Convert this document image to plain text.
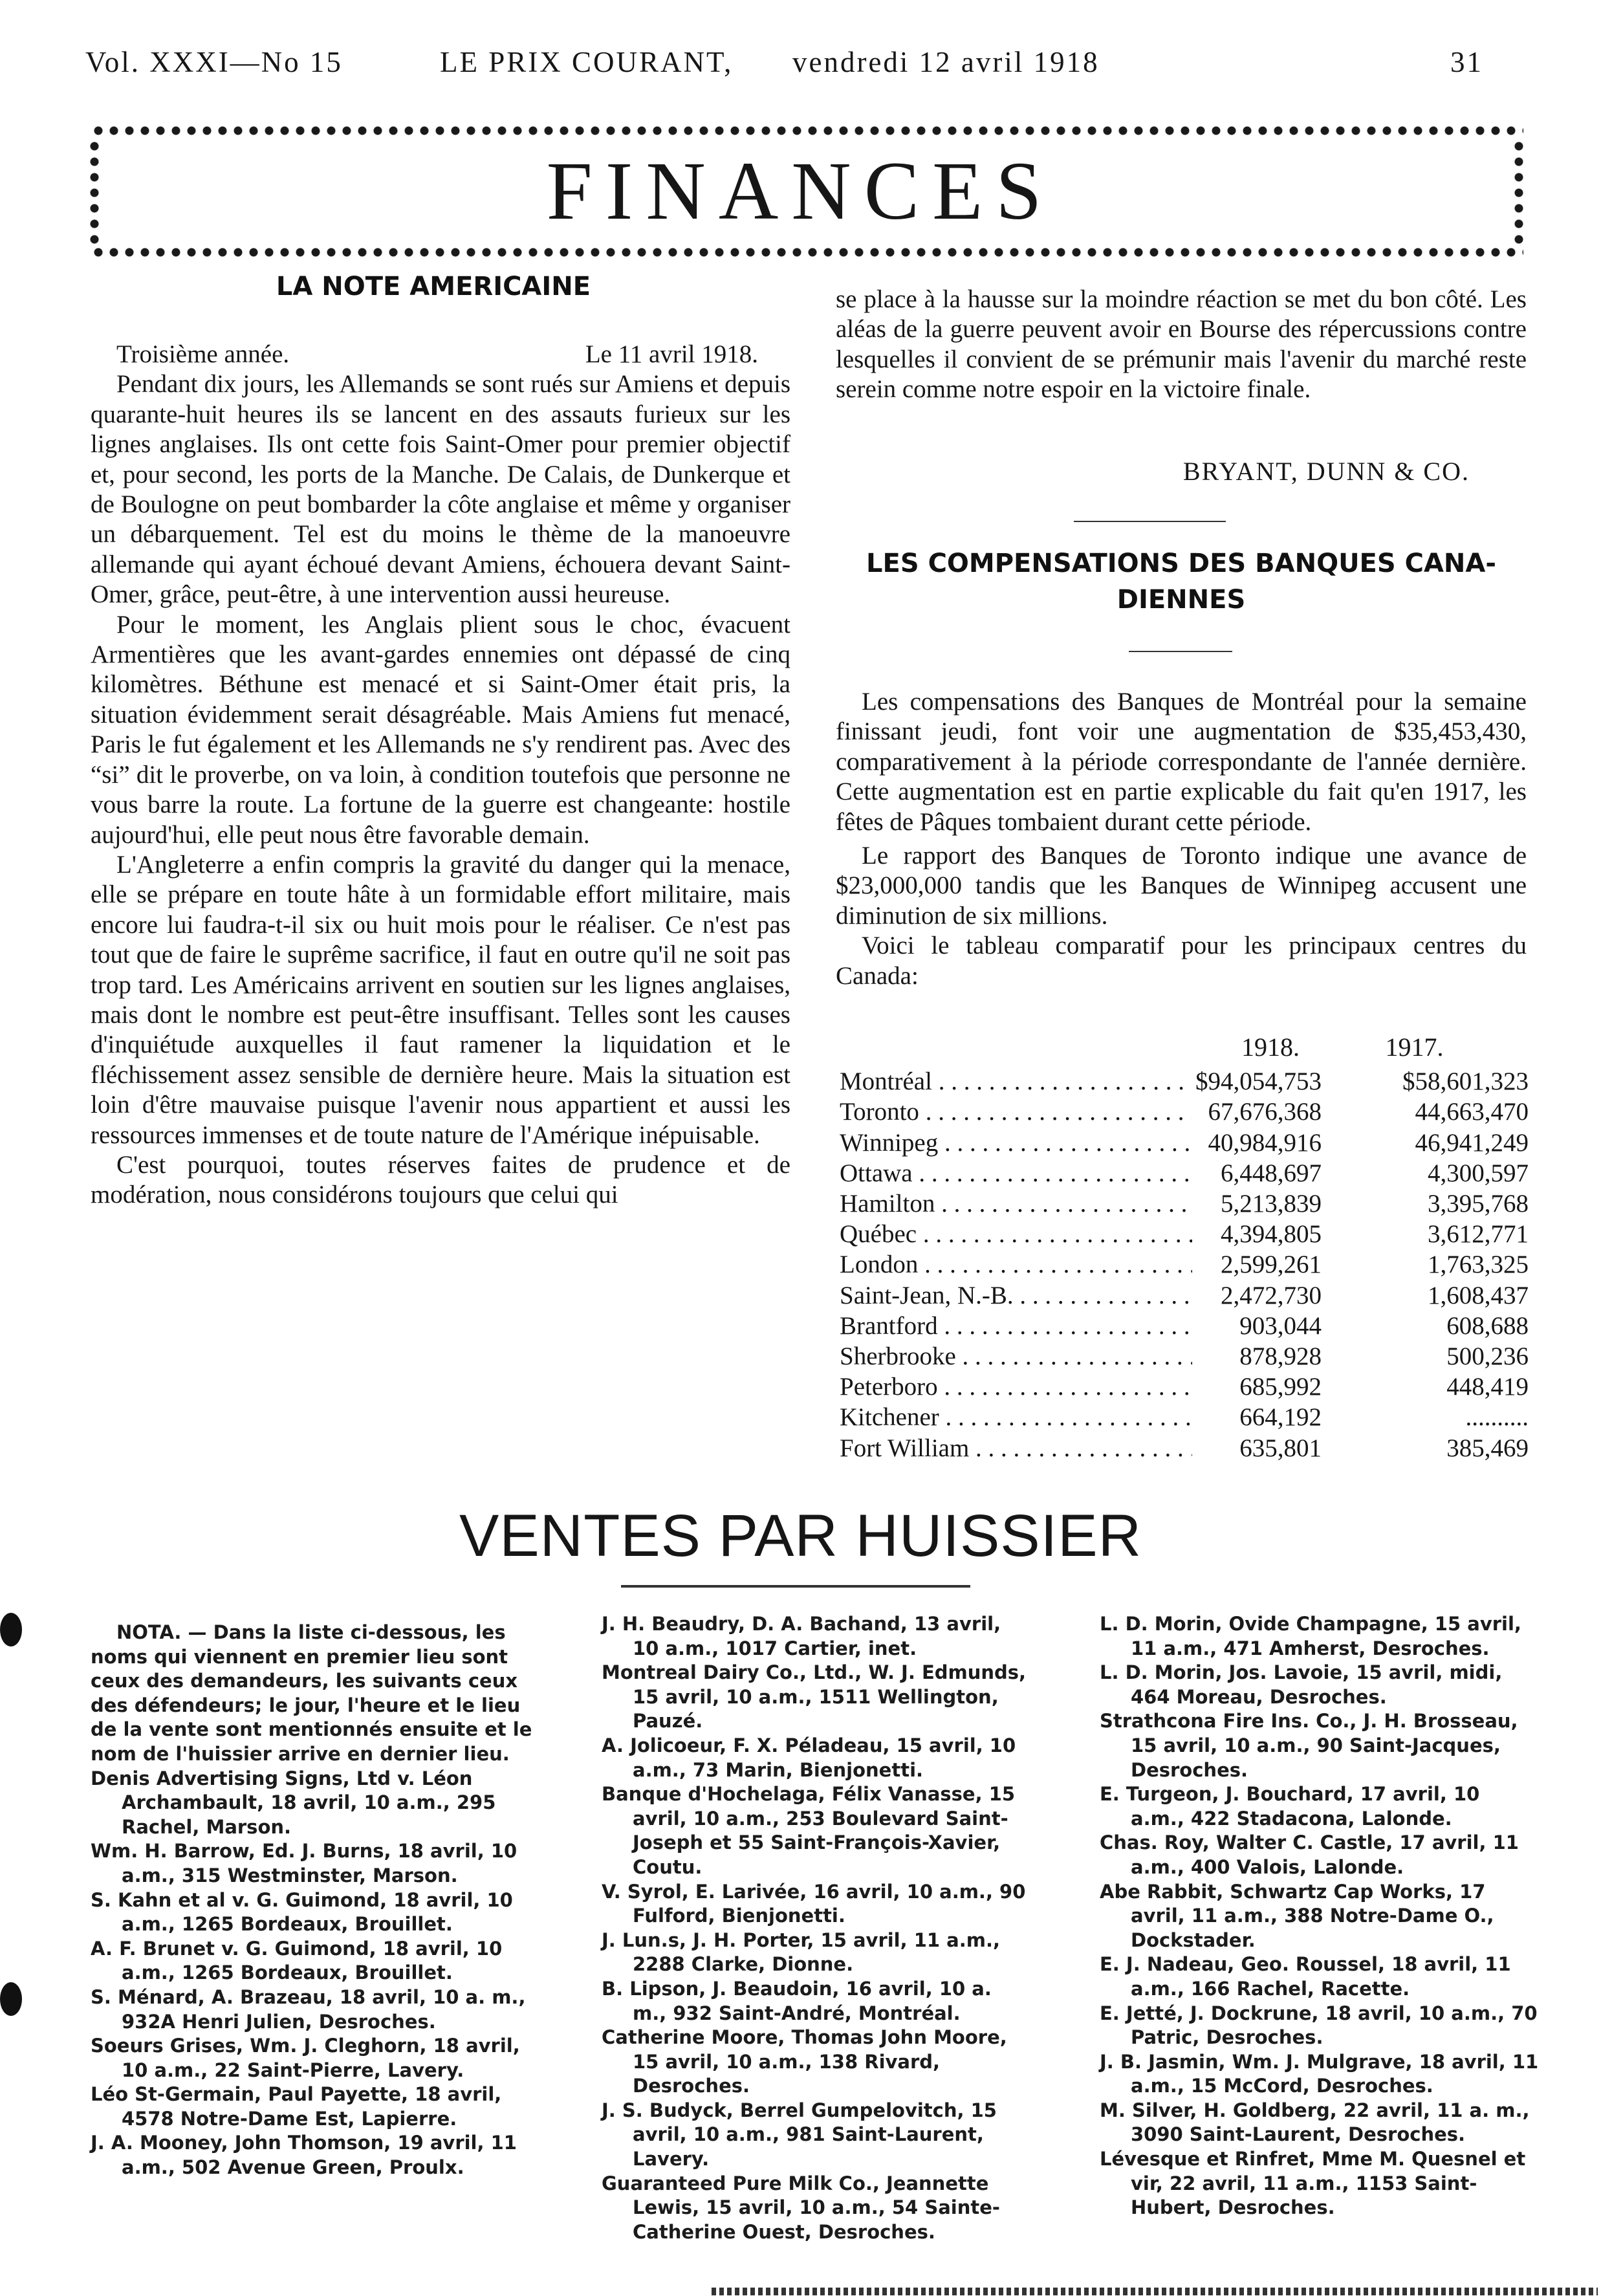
Vol. XXXI—No 15	LE PRIX COURANT, vendredi 12 avril 1918	31
FINANCES
LA NOTE AMERICAINE

Troisième année.	Le 11 avril 1918.

Pendant dix jours, les Allemands se sont rués sur Amiens et depuis quarante-huit heures ils se lancent en des assauts furieux sur les lignes anglaises. Ils ont cette fois Saint-Omer pour premier objectif et, pour second, les ports de la Manche. De Calais, de Dunkerque et de Boulogne on peut bombarder la côte anglaise et même y organiser un débarquement. Tel est du moins le thème de la manoeuvre allemande qui ayant échoué devant Amiens, échouera devant Saint-Omer, grâce, peut-être, à une intervention aussi heureuse.

Pour le moment, les Anglais plient sous le choc, évacuent Armentières que les avant-gardes ennemies ont dépassé de cinq kilomètres. Béthune est menacé et si Saint-Omer était pris, la situation évidemment serait désagréable. Mais Amiens fut menacé, Paris le fut également et les Allemands ne s'y rendirent pas. Avec des “si” dit le proverbe, on va loin, à condition toutefois que personne ne vous barre la route. La fortune de la guerre est changeante: hostile aujourd'hui, elle peut nous être favorable demain.

L'Angleterre a enfin compris la gravité du danger qui la menace, elle se prépare en toute hâte à un formidable effort militaire, mais encore lui faudra-t-il six ou huit mois pour le réaliser. Ce n'est pas tout que de faire le suprême sacrifice, il faut en outre qu'il ne soit pas trop tard. Les Américains arrivent en soutien sur les lignes anglaises, mais dont le nombre est peut-être insuffisant. Telles sont les causes d'inquiétude auxquelles il faut ramener la liquidation et le fléchissement assez sensible de dernière heure. Mais la situation est loin d'être mauvaise puisque l'avenir nous appartient et aussi les ressources immenses et de toute nature de l'Amérique inépuisable.

C'est pourquoi, toutes réserves faites de prudence et de modération, nous considérons toujours que celui qui

se place à la hausse sur la moindre réaction se met du bon côté. Les aléas de la guerre peuvent avoir en Bourse des répercussions contre lesquelles il convient de se prémunir mais l'avenir du marché reste serein comme notre espoir en la victoire finale.

BRYANT, DUNN & CO.
LES COMPENSATIONS DES BANQUES CANA-
DIENNES

Les compensations des Banques de Montréal pour la semaine finissant jeudi, font voir une augmentation de $35,453,430, comparativement à la période correspondante de l'année dernière. Cette augmentation est en partie explicable du fait qu'en 1917, les fêtes de Pâques tombaient durant cette période.

Le rapport des Banques de Toronto indique une avance de $23,000,000 tandis que les Banques de Winnipeg accusent une diminution de six millions.

Voici le tableau comparatif pour les principaux centres du Canada:

1918.	1917.
Montréal . . .	$94,054,753	$58,601,323
Toronto . . .	67,676,368	44,663,470
Winnipeg . . .	40,984,916	46,941,249
Ottawa . . .	6,448,697	4,300,597
Hamilton . . .	5,213,839	3,395,768
Québec . . .	4,394,805	3,612,771
London . . .	2,599,261	1,763,325
Saint-Jean, N.-B. . . .	2,472,730	1,608,437
Brantford . . .	903,044	608,688
Sherbrooke . . .	878,928	500,236
Peterboro . . .	685,992	448,419
Kitchener . . .	664,192	..........
Fort William . . .	635,801	385,469
VENTES PAR HUISSIER
NOTA. — Dans la liste ci-dessous, les noms qui viennent en premier lieu sont ceux des demandeurs, les suivants ceux des défendeurs; le jour, l'heure et le lieu de la vente sont mentionnés ensuite et le nom de l'huissier arrive en dernier lieu.
Denis Advertising Signs, Ltd v. Léon Archambault, 18 avril, 10 a.m., 295 Rachel, Marson.
Wm. H. Barrow, Ed. J. Burns, 18 avril, 10 a.m., 315 Westminster, Marson.
S. Kahn et al v. G. Guimond, 18 avril, 10 a.m., 1265 Bordeaux, Brouillet.
A. F. Brunet v. G. Guimond, 18 avril, 10 a.m., 1265 Bordeaux, Brouillet.
S. Ménard, A. Brazeau, 18 avril, 10 a. m., 932A Henri Julien, Desroches.
Soeurs Grises, Wm. J. Cleghorn, 18 avril, 10 a.m., 22 Saint-Pierre, Lavery.
Léo St-Germain, Paul Payette, 18 avril, 4578 Notre-Dame Est, Lapierre.
J. A. Mooney, John Thomson, 19 avril, 11 a.m., 502 Avenue Green, Proulx.
J. H. Beaudry, D. A. Bachand, 13 avril, 10 a.m., 1017 Cartier, inet.
Montreal Dairy Co., Ltd., W. J. Edmunds, 15 avril, 10 a.m., 1511 Wellington, Pauzé.
A. Jolicoeur, F. X. Péladeau, 15 avril, 10 a.m., 73 Marin, Bienjonetti.
Banque d'Hochelaga, Félix Vanasse, 15 avril, 10 a.m., 253 Boulevard Saint-Joseph et 55 Saint-François-Xavier, Coutu.
V. Syrol, E. Larivée, 16 avril, 10 a.m., 90 Fulford, Bienjonetti.
J. Lun.s, J. H. Porter, 15 avril, 11 a.m., 2288 Clarke, Dionne.
B. Lipson, J. Beaudoin, 16 avril, 10 a. m., 932 Saint-André, Montréal.
Catherine Moore, Thomas John Moore, 15 avril, 10 a.m., 138 Rivard, Desroches.
J. S. Budyck, Berrel Gumpelovitch, 15 avril, 10 a.m., 981 Saint-Laurent, Lavery.
Guaranteed Pure Milk Co., Jeannette Lewis, 15 avril, 10 a.m., 54 Sainte-Catherine Ouest, Desroches.
L. D. Morin, Ovide Champagne, 15 avril, 11 a.m., 471 Amherst, Desroches.
L. D. Morin, Jos. Lavoie, 15 avril, midi, 464 Moreau, Desroches.
Strathcona Fire Ins. Co., J. H. Brosseau, 15 avril, 10 a.m., 90 Saint-Jacques, Desroches.
E. Turgeon, J. Bouchard, 17 avril, 10 a.m., 422 Stadacona, Lalonde.
Chas. Roy, Walter C. Castle, 17 avril, 11 a.m., 400 Valois, Lalonde.
Abe Rabbit, Schwartz Cap Works, 17 avril, 11 a.m., 388 Notre-Dame O., Dockstader.
E. J. Nadeau, Geo. Roussel, 18 avril, 11 a.m., 166 Rachel, Racette.
E. Jetté, J. Dockrune, 18 avril, 10 a.m., 70 Patric, Desroches.
J. B. Jasmin, Wm. J. Mulgrave, 18 avril, 11 a.m., 15 McCord, Desroches.
M. Silver, H. Goldberg, 22 avril, 11 a. m., 3090 Saint-Laurent, Desroches.
Lévesque et Rinfret, Mme M. Quesnel et vir, 22 avril, 11 a.m., 1153 Saint-Hubert, Desroches.
